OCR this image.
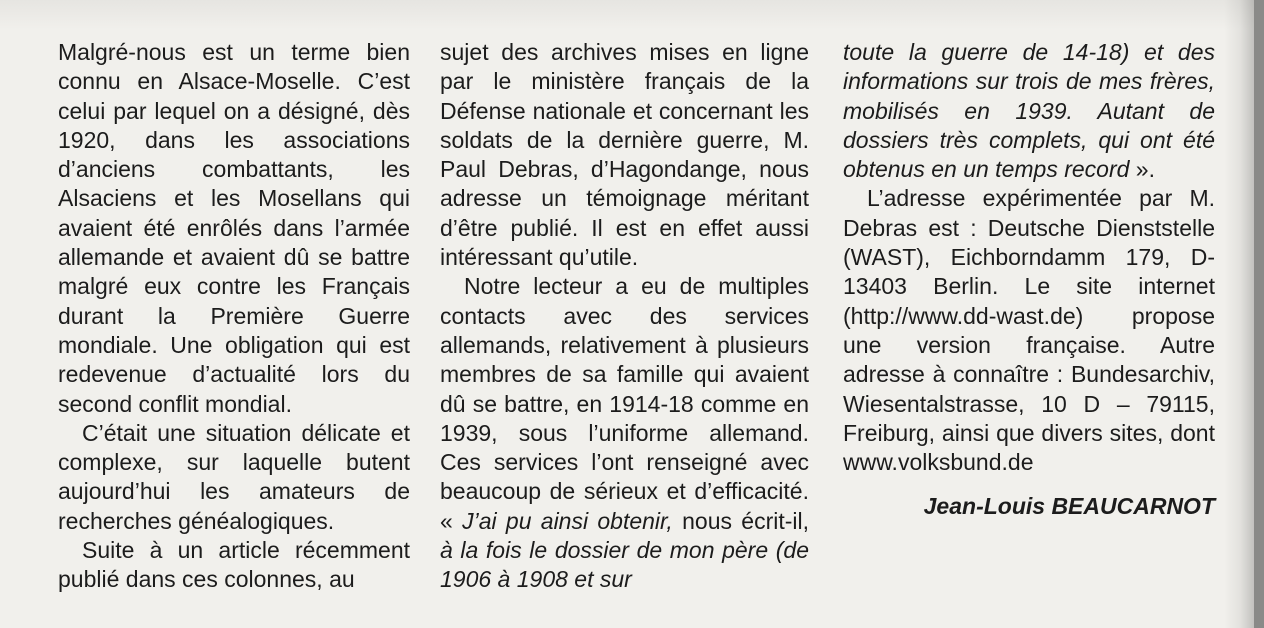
Malgré-nous est un terme bien connu en Alsace-Moselle. C’est celui par lequel on a désigné, dès 1920, dans les associations d’anciens combattants, les Alsaciens et les Mosellans qui avaient été enrôlés dans l’armée allemande et avaient dû se battre malgré eux contre les Français durant la Première Guerre mondiale. Une obligation qui est redevenue d’actualité lors du second conflit mondial.

C’était une situation délicate et complexe, sur laquelle butent aujourd’hui les amateurs de recherches généalogiques.

Suite à un article récemment publié dans ces colonnes, au

sujet des archives mises en ligne par le ministère français de la Défense nationale et concernant les soldats de la dernière guerre, M. Paul Debras, d’Hagondange, nous adresse un témoignage méritant d’être publié. Il est en effet aussi intéressant qu’utile.

Notre lecteur a eu de multiples contacts avec des services allemands, relativement à plusieurs membres de sa famille qui avaient dû se battre, en 1914-18 comme en 1939, sous l’uniforme allemand. Ces services l’ont renseigné avec beaucoup de sérieux et d’efficacité. « J’ai pu ainsi obtenir, nous écrit-il, à la fois le dossier de mon père (de 1906 à 1908 et sur

toute la guerre de 14-18) et des informations sur trois de mes frères, mobilisés en 1939. Autant de dossiers très complets, qui ont été obtenus en un temps record ».

L’adresse expérimentée par M. Debras est : Deutsche Dienststelle (WAST), Eichborndamm 179, D-13403 Berlin. Le site internet (http://www.dd-wast.de) propose une version française. Autre adresse à connaître : Bundesarchiv, Wiesentalstrasse, 10 D – 79115, Freiburg, ainsi que divers sites, dont www.volksbund.de

Jean-Louis BEAUCARNOT
